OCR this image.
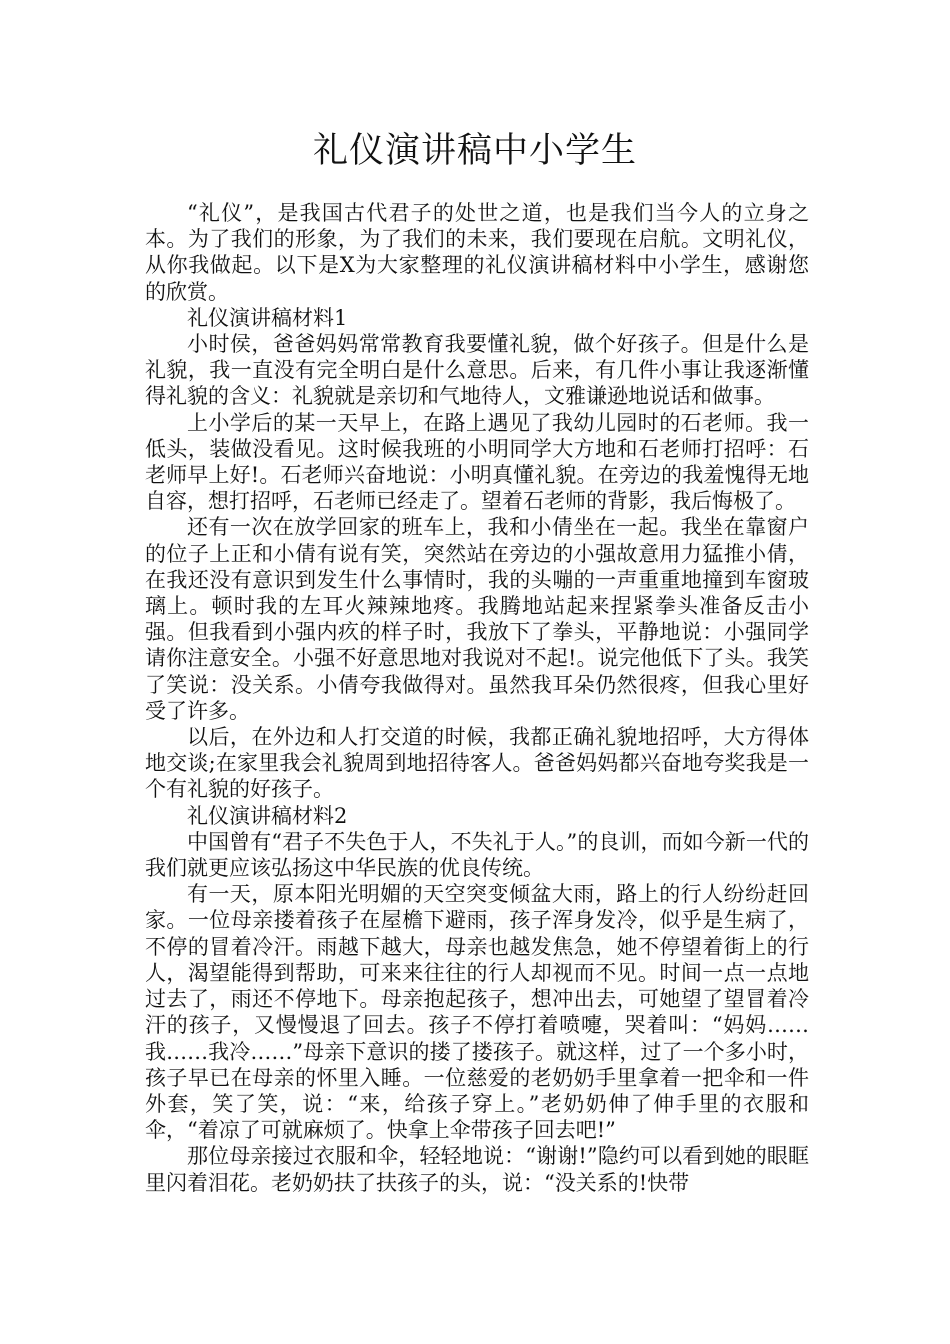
礼仪演讲稿中小学生

“礼仪”，是我国古代君子的处世之道，也是我们当今人的立身之本。为了我们的形象，为了我们的未来，我们要现在启航。文明礼仪，从你我做起。以下是X为大家整理的礼仪演讲稿材料中小学生，感谢您的欣赏。

礼仪演讲稿材料1

小时侯，爸爸妈妈常常教育我要懂礼貌，做个好孩子。但是什么是礼貌，我一直没有完全明白是什么意思。后来，有几件小事让我逐渐懂得礼貌的含义：礼貌就是亲切和气地待人，文雅谦逊地说话和做事。

上小学后的某一天早上，在路上遇见了我幼儿园时的石老师。我一低头，装做没看见。这时候我班的小明同学大方地和石老师打招呼：石老师早上好!。石老师兴奋地说：小明真懂礼貌。在旁边的我羞愧得无地自容，想打招呼，石老师已经走了。望着石老师的背影，我后悔极了。

还有一次在放学回家的班车上，我和小倩坐在一起。我坐在靠窗户的位子上正和小倩有说有笑，突然站在旁边的小强故意用力猛推小倩，在我还没有意识到发生什么事情时，我的头嘣的一声重重地撞到车窗玻璃上。顿时我的左耳火辣辣地疼。我腾地站起来捏紧拳头准备反击小强。但我看到小强内疚的样子时，我放下了拳头，平静地说：小强同学请你注意安全。小强不好意思地对我说对不起!。说完他低下了头。我笑了笑说：没关系。小倩夸我做得对。虽然我耳朵仍然很疼，但我心里好受了许多。

以后，在外边和人打交道的时候，我都正确礼貌地招呼，大方得体地交谈;在家里我会礼貌周到地招待客人。爸爸妈妈都兴奋地夸奖我是一个有礼貌的好孩子。

礼仪演讲稿材料2

中国曾有“君子不失色于人，不失礼于人。”的良训，而如今新一代的我们就更应该弘扬这中华民族的优良传统。

有一天，原本阳光明媚的天空突变倾盆大雨，路上的行人纷纷赶回家。一位母亲搂着孩子在屋檐下避雨，孩子浑身发冷，似乎是生病了，不停的冒着冷汗。雨越下越大，母亲也越发焦急，她不停望着街上的行人，渴望能得到帮助，可来来往往的行人却视而不见。时间一点一点地过去了，雨还不停地下。母亲抱起孩子，想冲出去，可她望了望冒着冷汗的孩子，又慢慢退了回去。孩子不停打着喷嚏，哭着叫：“妈妈……我……我冷……”母亲下意识的搂了搂孩子。就这样，过了一个多小时，孩子早已在母亲的怀里入睡。一位慈爱的老奶奶手里拿着一把伞和一件外套，笑了笑，说：“来，给孩子穿上。”老奶奶伸了伸手里的衣服和伞，“着凉了可就麻烦了。快拿上伞带孩子回去吧!”

那位母亲接过衣服和伞，轻轻地说：“谢谢!”隐约可以看到她的眼眶里闪着泪花。老奶奶扶了扶孩子的头，说：“没关系的!快带
